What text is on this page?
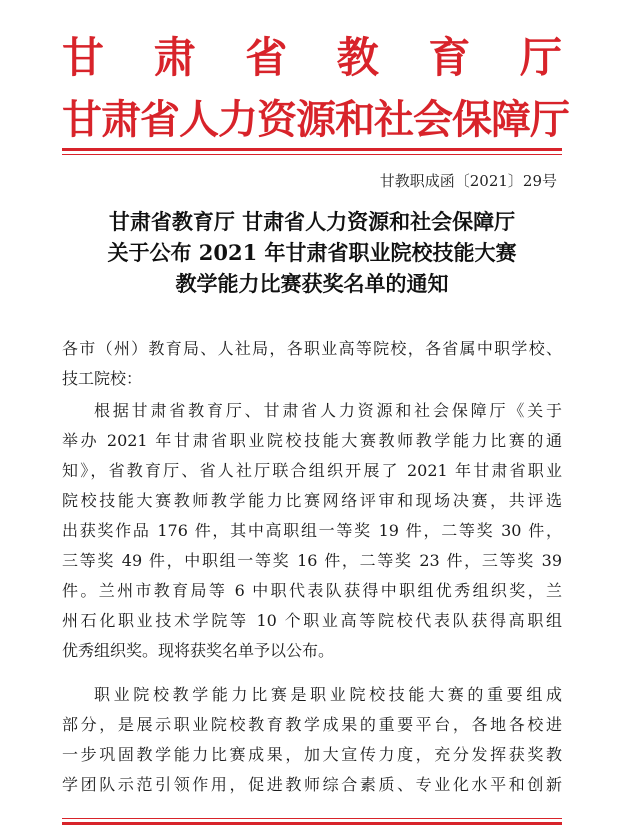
甘 肃 省 教 育 厅
甘肃省人力资源和社会保障厅
甘教职成函〔2021〕29号
甘肃省教育厅 甘肃省人力资源和社会保障厅
关于公布 2021 年甘肃省职业院校技能大赛
教学能力比赛获奖名单的通知
各市（州）教育局、人社局，各职业高等院校，各省属中职学校、
技工院校：
根据甘肃省教育厅、甘肃省人力资源和社会保障厅《关于
举办 2021 年甘肃省职业院校技能大赛教师教学能力比赛的通
知》，省教育厅、省人社厅联合组织开展了 2021 年甘肃省职业
院校技能大赛教师教学能力比赛网络评审和现场决赛，共评选
出获奖作品 176 件，其中高职组一等奖 19 件，二等奖 30 件，
三等奖 49 件，中职组一等奖 16 件，二等奖 23 件，三等奖 39
件。兰州市教育局等 6 中职代表队获得中职组优秀组织奖，兰
州石化职业技术学院等 10 个职业高等院校代表队获得高职组
优秀组织奖。现将获奖名单予以公布。
职业院校教学能力比赛是职业院校技能大赛的重要组成
部分，是展示职业院校教育教学成果的重要平台，各地各校进
一步巩固教学能力比赛成果，加大宣传力度，充分发挥获奖教
学团队示范引领作用，促进教师综合素质、专业化水平和创新
